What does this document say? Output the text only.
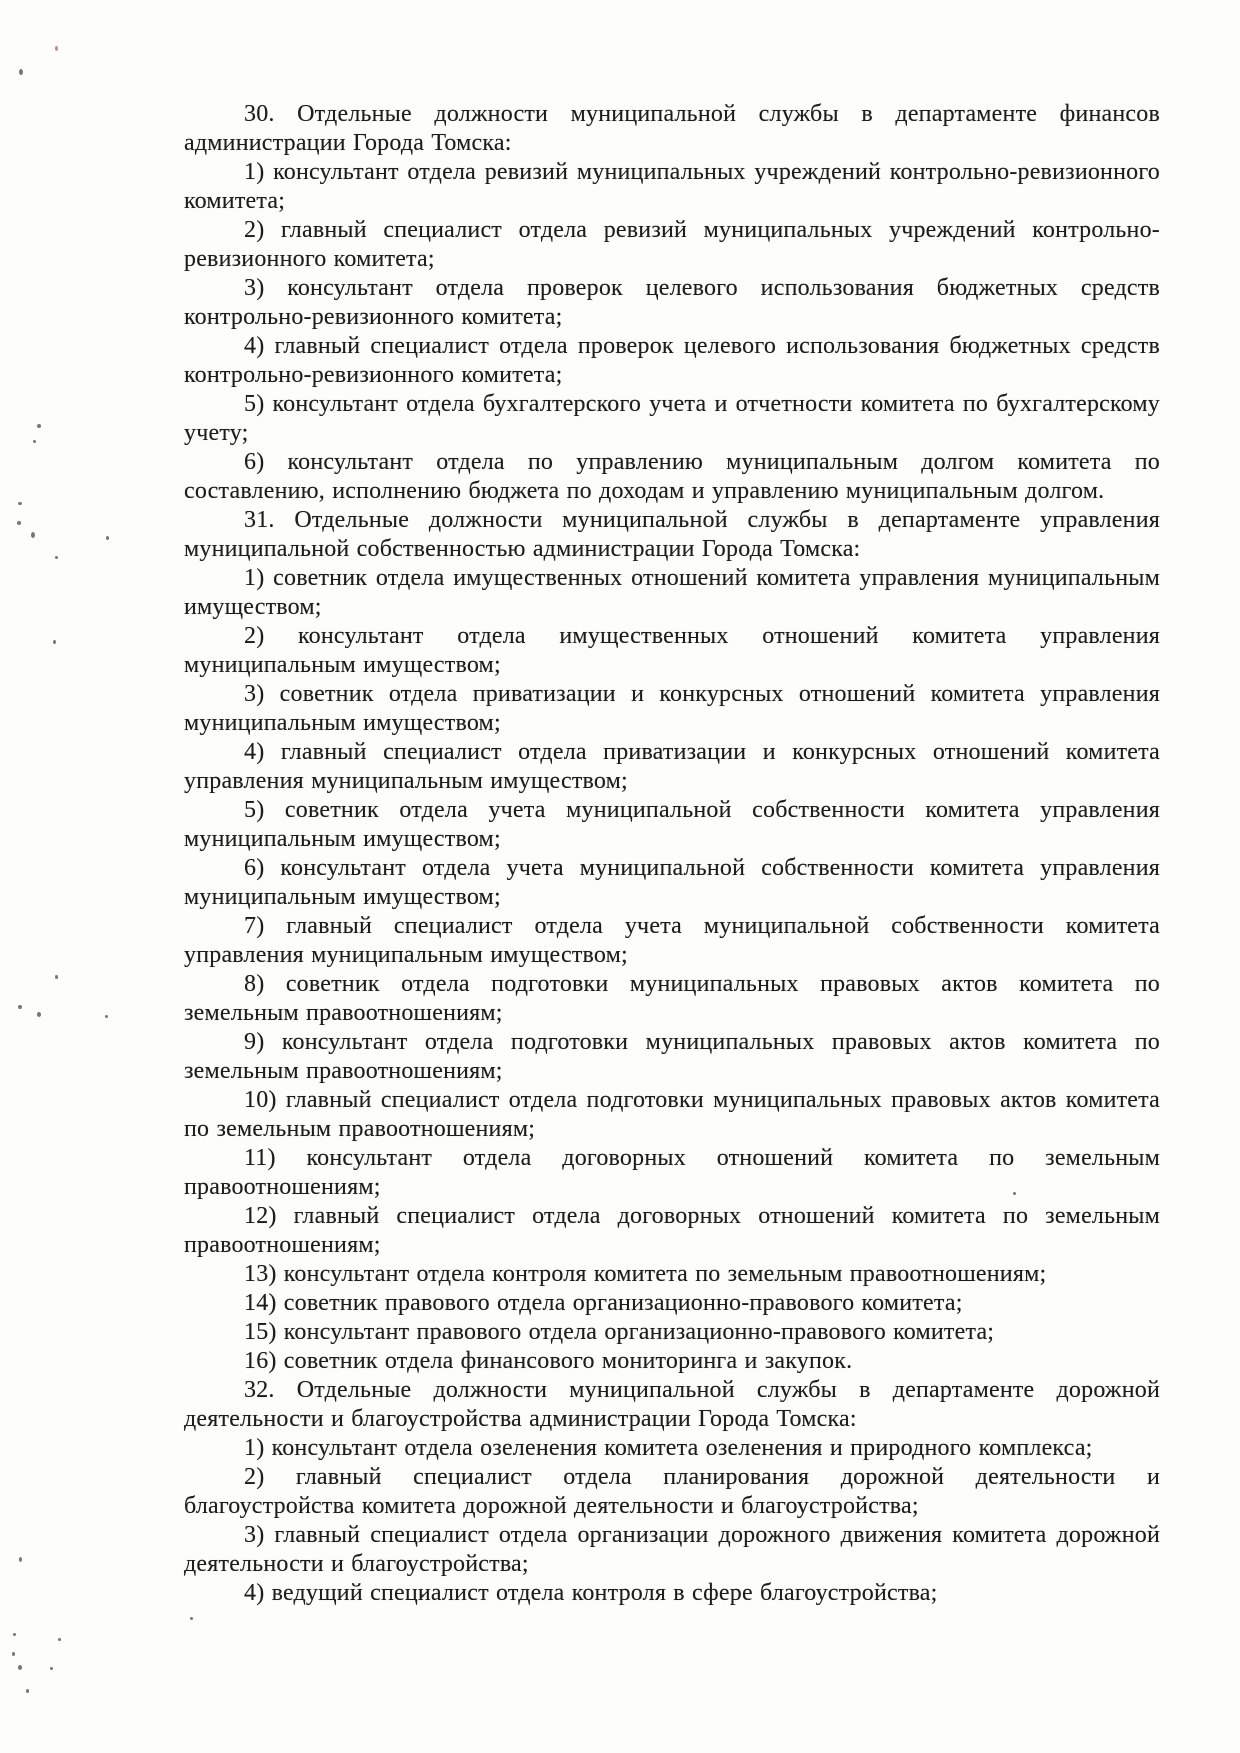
30. Отдельные должности муниципальной службы в департаменте финансов администрации Города Томска:

1) консультант отдела ревизий муниципальных учреждений контрольно-ревизионного комитета;

2) главный специалист отдела ревизий муниципальных учреждений контрольно-ревизионного комитета;

3) консультант отдела проверок целевого использования бюджетных средств контрольно-ревизионного комитета;

4) главный специалист отдела проверок целевого использования бюджетных средств контрольно-ревизионного комитета;

5) консультант отдела бухгалтерского учета и отчетности комитета по бухгалтерскому учету;

6) консультант отдела по управлению муниципальным долгом комитета по составлению, исполнению бюджета по доходам и управлению муниципальным долгом.

31. Отдельные должности муниципальной службы в департаменте управления муниципальной собственностью администрации Города Томска:

1) советник отдела имущественных отношений комитета управления муниципальным имуществом;

2) консультант отдела имущественных отношений комитета управления муниципальным имуществом;

3) советник отдела приватизации и конкурсных отношений комитета управления муниципальным имуществом;

4) главный специалист отдела приватизации и конкурсных отношений комитета управления муниципальным имуществом;

5) советник отдела учета муниципальной собственности комитета управления муниципальным имуществом;

6) консультант отдела учета муниципальной собственности комитета управления муниципальным имуществом;

7) главный специалист отдела учета муниципальной собственности комитета управления муниципальным имуществом;

8) советник отдела подготовки муниципальных правовых актов комитета по земельным правоотношениям;

9) консультант отдела подготовки муниципальных правовых актов комитета по земельным правоотношениям;

10) главный специалист отдела подготовки муниципальных правовых актов комитета по земельным правоотношениям;

11) консультант отдела договорных отношений комитета по земельным правоотношениям;

12) главный специалист отдела договорных отношений комитета по земельным правоотношениям;

13) консультант отдела контроля комитета по земельным правоотношениям;

14) советник правового отдела организационно-правового комитета;

15) консультант правового отдела организационно-правового комитета;

16) советник отдела финансового мониторинга и закупок.

32. Отдельные должности муниципальной службы в департаменте дорожной деятельности и благоустройства администрации Города Томска:

1) консультант отдела озеленения комитета озеленения и природного комплекса;

2) главный специалист отдела планирования дорожной деятельности и благоустройства комитета дорожной деятельности и благоустройства;

3) главный специалист отдела организации дорожного движения комитета дорожной деятельности и благоустройства;

4) ведущий специалист отдела контроля в сфере благоустройства;
